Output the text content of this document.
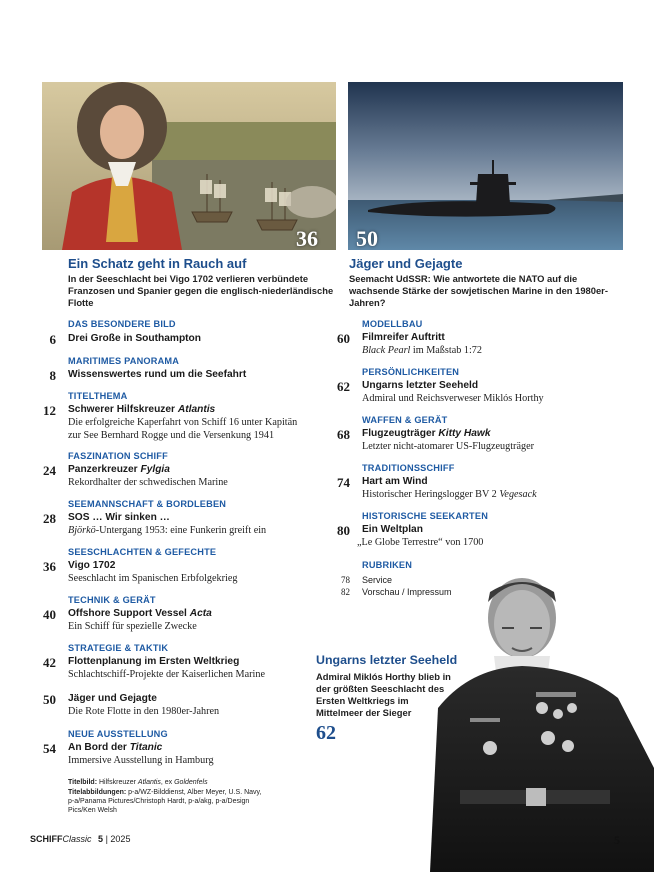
36
Ein Schatz geht in Rauch auf
In der Seeschlacht bei Vigo 1702 verlieren verbündete Franzosen und Spanier gegen die englisch-niederländische Flotte
50
Jäger und Gejagte
Seemacht UdSSR: Wie antwortete die NATO auf die wachsende Stärke der sowjetischen Marine in den 1980er-Jahren?
DAS BESONDERE BILD
6 Drei Große in Southampton
MARITIMES PANORAMA
8 Wissenswertes rund um die Seefahrt
TITELTHEMA
12 Schwerer Hilfskreuzer Atlantis
Die erfolgreiche Kaperfahrt von Schiff 16 unter Kapitän zur See Bernhard Rogge und die Versenkung 1941
FASZINATION SCHIFF
24 Panzerkreuzer Fylgia
Rekordhalter der schwedischen Marine
SEEMANNSCHAFT & BORDLEBEN
28 SOS … Wir sinken …
Björkö-Untergang 1953: eine Funkerin greift ein
SEESCHLACHTEN & GEFECHTE
36 Vigo 1702
Seeschlacht im Spanischen Erbfolgekrieg
TECHNIK & GERÄT
40 Offshore Support Vessel Acta
Ein Schiff für spezielle Zwecke
STRATEGIE & TAKTIK
42 Flottenplanung im Ersten Weltkrieg
Schlachtschiff-Projekte der Kaiserlichen Marine
50 Jäger und Gejagte
Die Rote Flotte in den 1980er-Jahren
NEUE AUSSTELLUNG
54 An Bord der Titanic
Immersive Ausstellung in Hamburg
Titelbild: Hilfskreuzer Atlantis, ex Goldenfels
Titelabbildungen: p-a/WZ-Bilddienst, Alber Meyer, U.S. Navy, p-a/Panama Pictures/Christoph Hardt, p-a/akg, p-a/Design Pics/Ken Welsh
MODELLBAU
60 Filmreifer Auftritt
Black Pearl im Maßstab 1:72
PERSÖNLICHKEITEN
62 Ungarns letzter Seeheld
Admiral und Reichsverweser Miklós Horthy
WAFFEN & GERÄT
68 Flugzeugträger Kitty Hawk
Letzter nicht-atomarer US-Flugzeugträger
TRADITIONSSCHIFF
74 Hart am Wind
Historischer Heringslogger BV 2 Vegesack
HISTORISCHE SEEKARTEN
80 Ein Weltplan
„Le Globe Terrestre“ von 1700
RUBRIKEN
78 Service
82 Vorschau / Impressum
Ungarns letzter Seeheld
Admiral Miklós Horthy blieb in der größten Seeschlacht des Ersten Weltkriegs im Mittelmeer der Sieger
62
SCHIFFClassic 5 | 2025	5
